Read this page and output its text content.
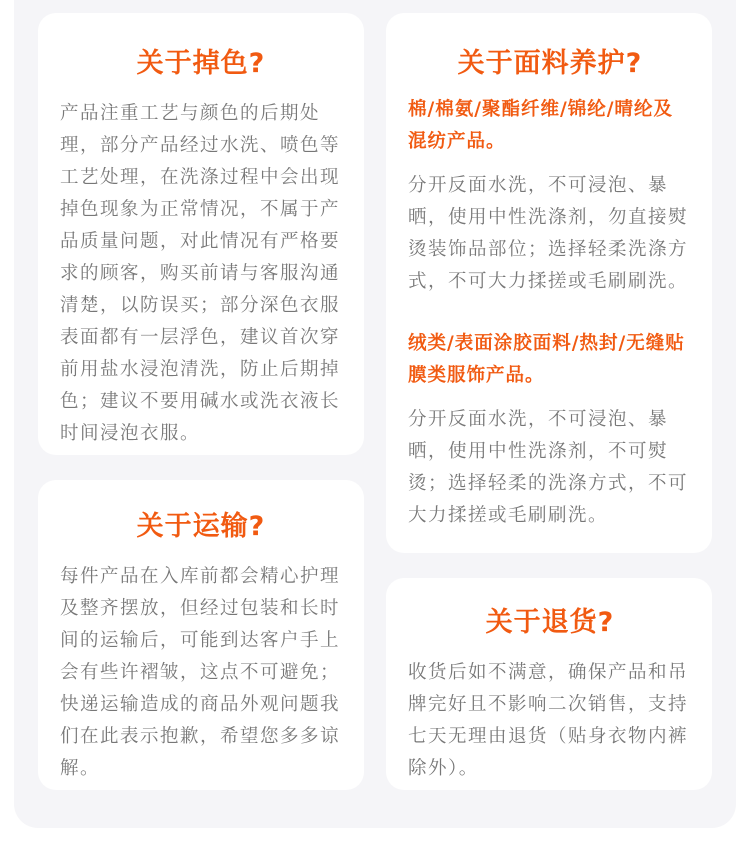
关于掉色?

产品注重工艺与颜色的后期处理，部分产品经过水洗、喷色等工艺处理，在洗涤过程中会出现掉色现象为正常情况，不属于产品质量问题，对此情况有严格要求的顾客，购买前请与客服沟通清楚，以防误买；部分深色衣服表面都有一层浮色，建议首次穿前用盐水浸泡清洗，防止后期掉色；建议不要用碱水或洗衣液长时间浸泡衣服。

关于运输?

每件产品在入库前都会精心护理及整齐摆放，但经过包装和长时间的运输后，可能到达客户手上会有些许褶皱，这点不可避免；快递运输造成的商品外观问题我们在此表示抱歉，希望您多多谅解。

关于面料养护?

棉/棉氨/聚酯纤维/锦纶/晴纶及混纺产品。

分开反面水洗，不可浸泡、暴晒，使用中性洗涤剂，勿直接熨烫装饰品部位；选择轻柔洗涤方式，不可大力揉搓或毛刷刷洗。

绒类/表面涂胶面料/热封/无缝贴膜类服饰产品。

分开反面水洗，不可浸泡、暴晒，使用中性洗涤剂，不可熨烫；选择轻柔的洗涤方式，不可大力揉搓或毛刷刷洗。

关于退货?

收货后如不满意，确保产品和吊牌完好且不影响二次销售，支持七天无理由退货（贴身衣物内裤除外）。
